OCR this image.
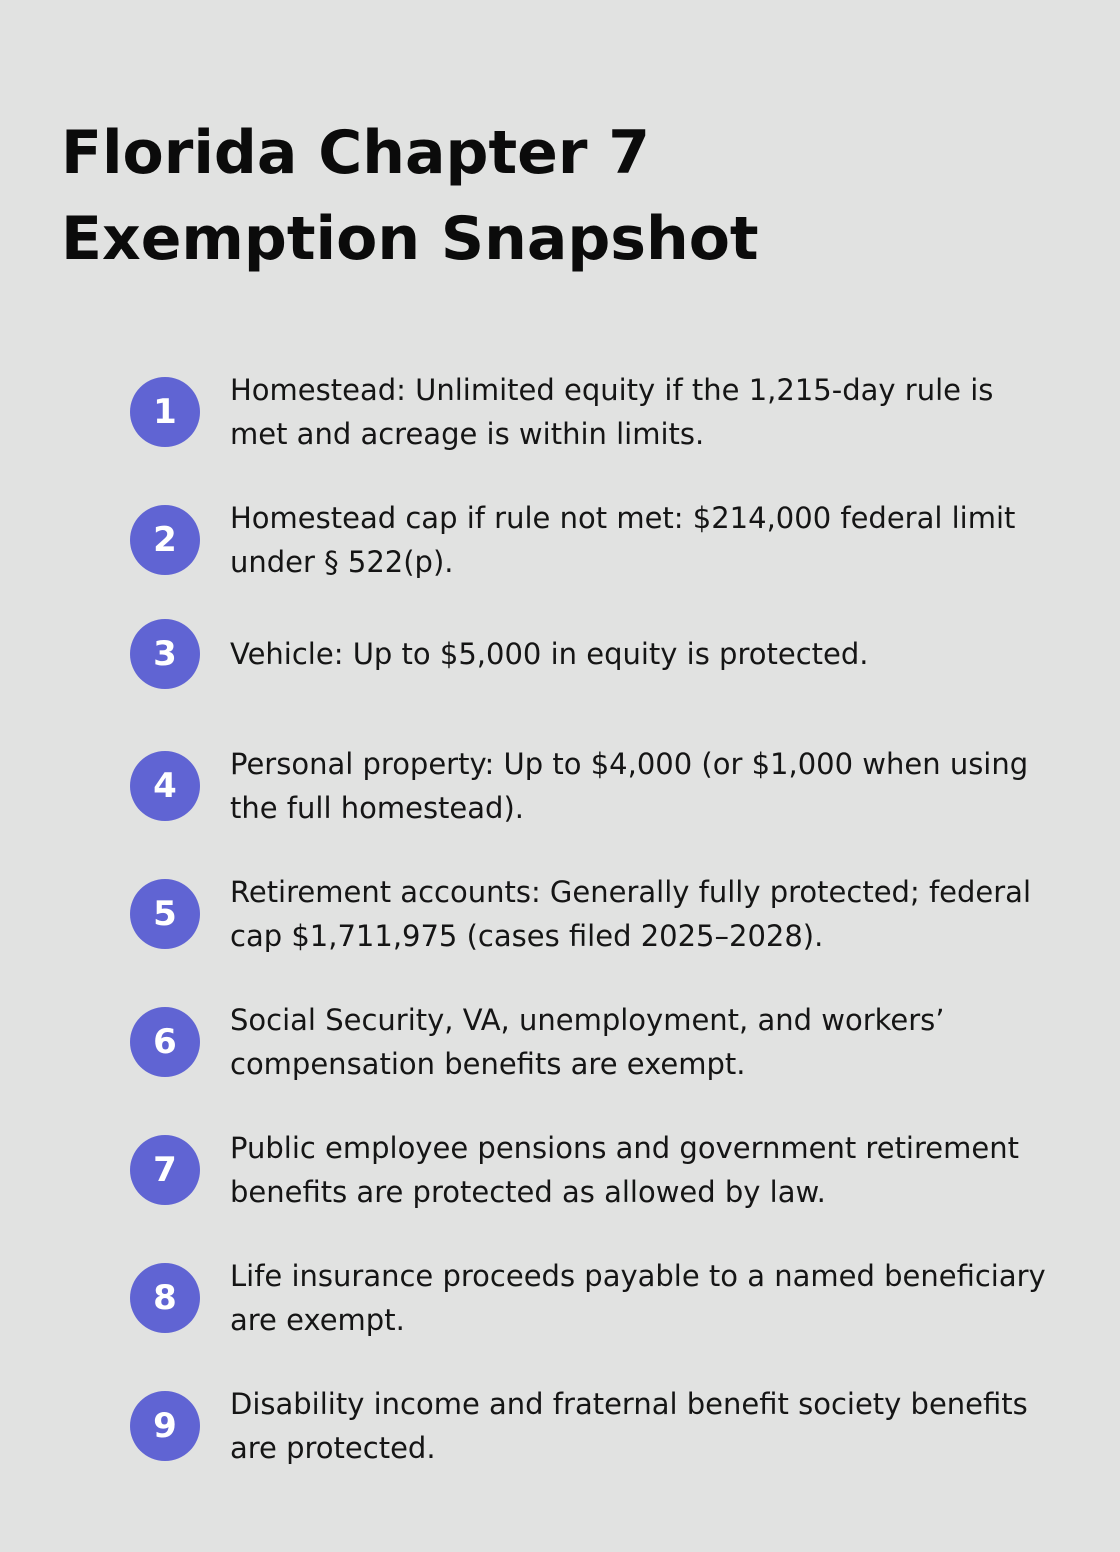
Florida Chapter 7 Exemption Snapshot
1
Homestead: Unlimited equity if the 1,215-day rule is met and acreage is within limits.
2
Homestead cap if rule not met: $214,000 federal limit under § 522(p).
3	Vehicle: Up to $5,000 in equity is protected.
4
Personal property: Up to $4,000 (or $1,000 when using the full homestead).
5
Retirement accounts: Generally fully protected; federal cap $1,711,975 (cases filed 2025–2028).
6
Social Security, VA, unemployment, and workers’ compensation benefits are exempt.
7
Public employee pensions and government retirement benefits are protected as allowed by law.
8
Life insurance proceeds payable to a named beneficiary are exempt.
9
Disability income and fraternal benefit society benefits are protected.
